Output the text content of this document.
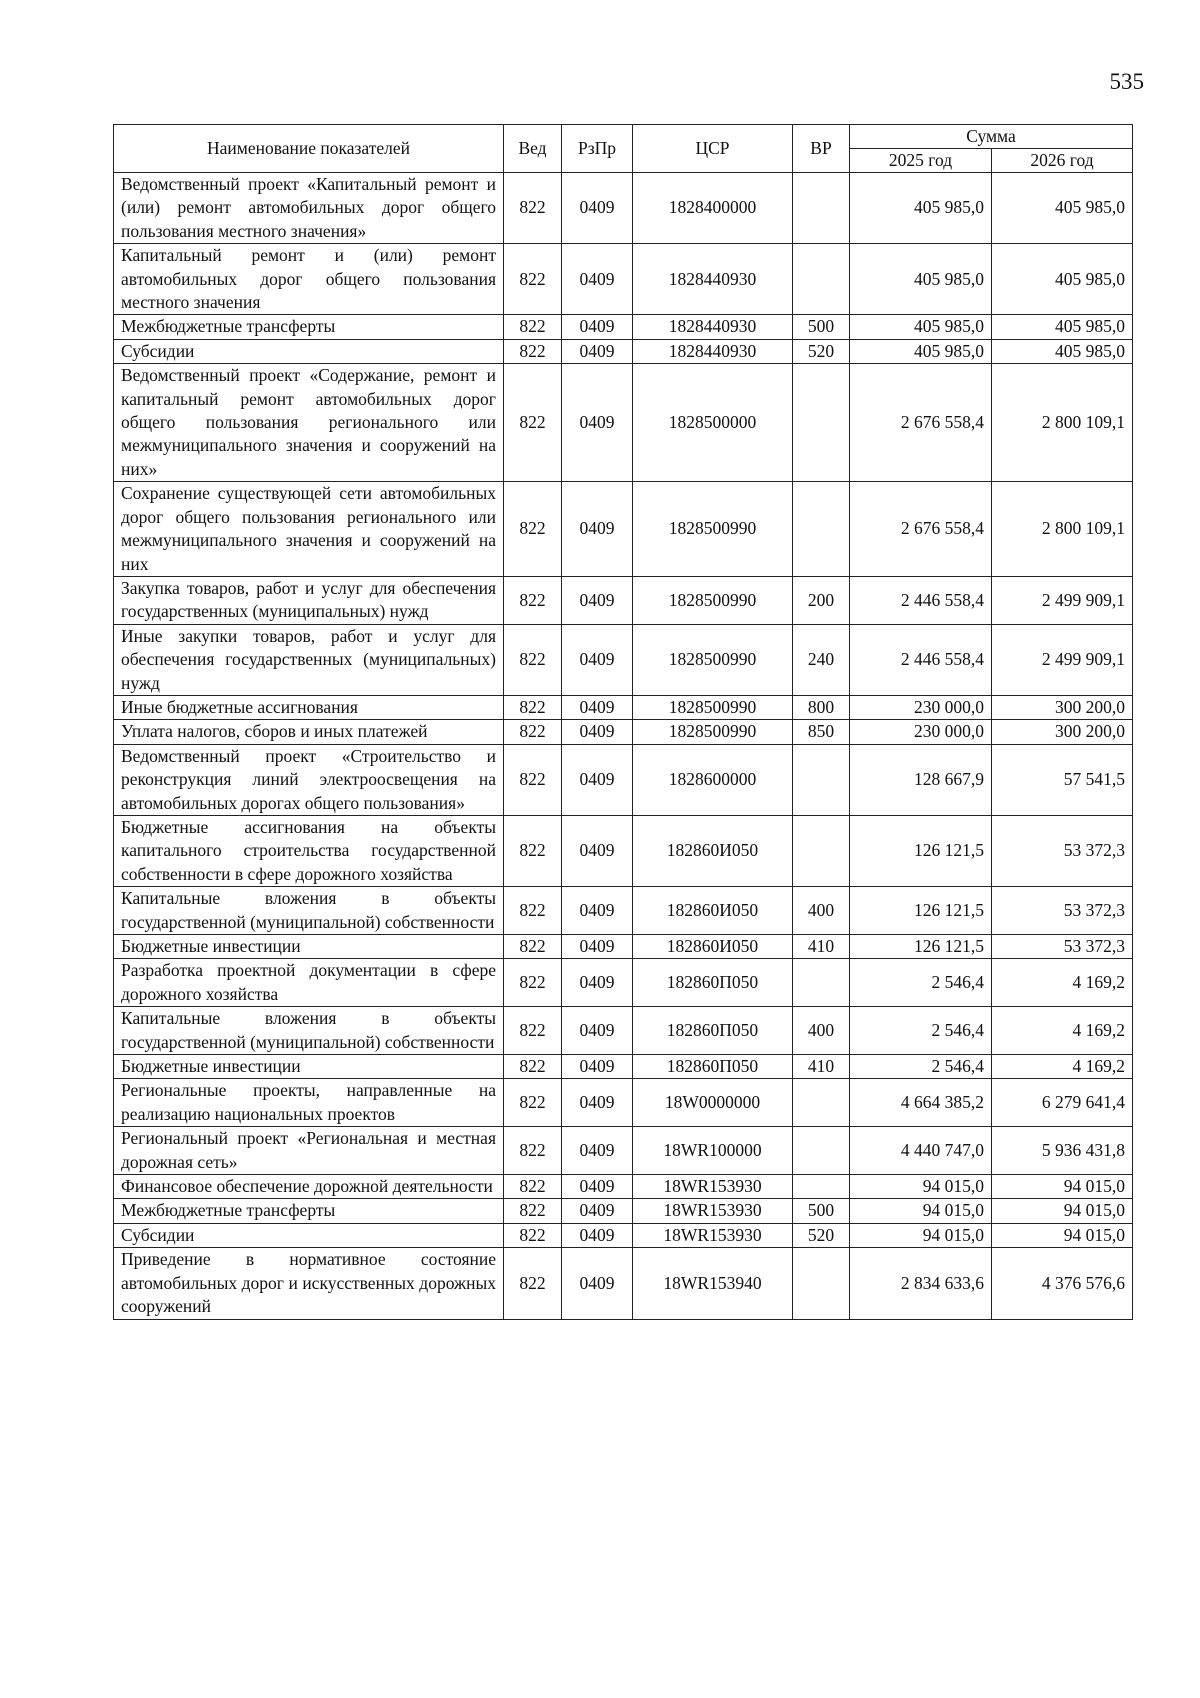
535
Наименование показателей	Вед	РзПр	ЦСР	ВР	Сумма	
					2025 год	2026 год
Ведомственный проект «Капитальный ремонт и (или) ремонт автомобильных дорог общего пользования местного значения»	822	0409	1828400000		405 985,0	405 985,0
Капитальный ремонт и (или) ремонт автомобильных дорог общего пользования местного значения	822	0409	1828440930		405 985,0	405 985,0
Межбюджетные трансферты	822	0409	1828440930	500	405 985,0	405 985,0
Субсидии	822	0409	1828440930	520	405 985,0	405 985,0
Ведомственный проект «Содержание, ремонт и капитальный ремонт автомобильных дорог общего пользования регионального или межмуниципального значения и сооружений на них»	822	0409	1828500000		2 676 558,4	2 800 109,1
Сохранение существующей сети автомобильных дорог общего пользования регионального или межмуниципального значения и сооружений на них	822	0409	1828500990		2 676 558,4	2 800 109,1
Закупка товаров, работ и услуг для обеспечения государственных (муниципальных) нужд	822	0409	1828500990	200	2 446 558,4	2 499 909,1
Иные закупки товаров, работ и услуг для обеспечения государственных (муниципальных) нужд	822	0409	1828500990	240	2 446 558,4	2 499 909,1
Иные бюджетные ассигнования	822	0409	1828500990	800	230 000,0	300 200,0
Уплата налогов, сборов и иных платежей	822	0409	1828500990	850	230 000,0	300 200,0
Ведомственный проект «Строительство и реконструкция линий электроосвещения на автомобильных дорогах общего пользования»	822	0409	1828600000		128 667,9	57 541,5
Бюджетные ассигнования на объекты капитального строительства государственной собственности в сфере дорожного хозяйства	822	0409	182860И050		126 121,5	53 372,3
Капитальные вложения в объекты государственной (муниципальной) собственности	822	0409	182860И050	400	126 121,5	53 372,3
Бюджетные инвестиции	822	0409	182860И050	410	126 121,5	53 372,3
Разработка проектной документации в сфере дорожного хозяйства	822	0409	182860П050		2 546,4	4 169,2
Капитальные вложения в объекты государственной (муниципальной) собственности	822	0409	182860П050	400	2 546,4	4 169,2
Бюджетные инвестиции	822	0409	182860П050	410	2 546,4	4 169,2
Региональные проекты, направленные на реализацию национальных проектов	822	0409	18W0000000		4 664 385,2	6 279 641,4
Региональный проект «Региональная и местная дорожная сеть»	822	0409	18WR100000		4 440 747,0	5 936 431,8
Финансовое обеспечение дорожной деятельности	822	0409	18WR153930		94 015,0	94 015,0
Межбюджетные трансферты	822	0409	18WR153930	500	94 015,0	94 015,0
Субсидии	822	0409	18WR153930	520	94 015,0	94 015,0
Приведение в нормативное состояние автомобильных дорог и искусственных дорожных сооружений	822	0409	18WR153940		2 834 633,6	4 376 576,6
